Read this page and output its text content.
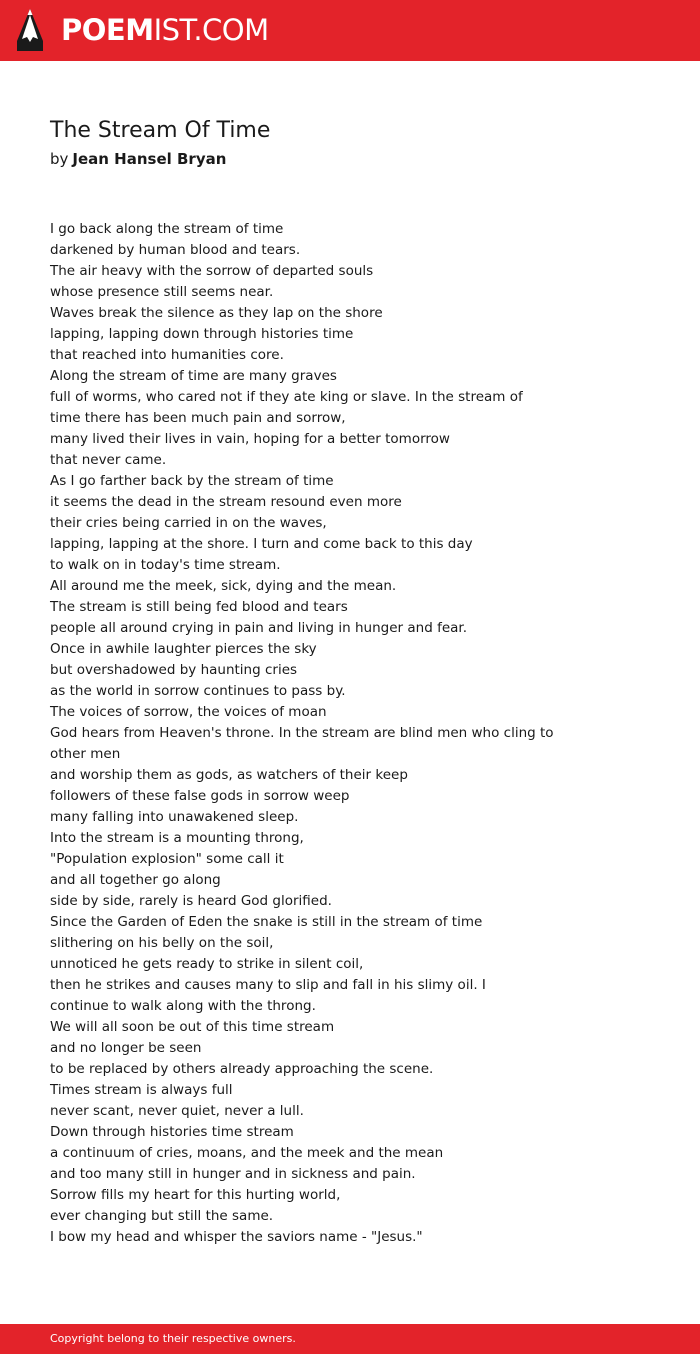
POEMIST.COM
The Stream Of Time
by Jean Hansel Bryan
I go back along the stream of time
darkened by human blood and tears.
The air heavy with the sorrow of departed souls
whose presence still seems near.
Waves break the silence as they lap on the shore
lapping, lapping down through histories time
that reached into humanities core.
Along the stream of time are many graves
full of worms, who cared not if they ate king or slave. In the stream of
time there has been much pain and sorrow,
many lived their lives in vain, hoping for a better tomorrow
that never came.
As I go farther back by the stream of time
it seems the dead in the stream resound even more
their cries being carried in on the waves,
lapping, lapping at the shore. I turn and come back to this day
to walk on in today's time stream.
All around me the meek, sick, dying and the mean.
The stream is still being fed blood and tears
people all around crying in pain and living in hunger and fear.
Once in awhile laughter pierces the sky
but overshadowed by haunting cries
as the world in sorrow continues to pass by.
The voices of sorrow, the voices of moan
God hears from Heaven's throne. In the stream are blind men who cling to
other men
and worship them as gods, as watchers of their keep
followers of these false gods in sorrow weep
many falling into unawakened sleep.
Into the stream is a mounting throng,
"Population explosion" some call it
and all together go along
side by side, rarely is heard God glorified.
Since the Garden of Eden the snake is still in the stream of time
slithering on his belly on the soil,
unnoticed he gets ready to strike in silent coil,
then he strikes and causes many to slip and fall in his slimy oil. I
continue to walk along with the throng.
We will all soon be out of this time stream
and no longer be seen
to be replaced by others already approaching the scene.
Times stream is always full
never scant, never quiet, never a lull.
Down through histories time stream
a continuum of cries, moans, and the meek and the mean
and too many still in hunger and in sickness and pain.
Sorrow fills my heart for this hurting world,
ever changing but still the same.
I bow my head and whisper the saviors name - "Jesus."
Copyright belong to their respective owners.
